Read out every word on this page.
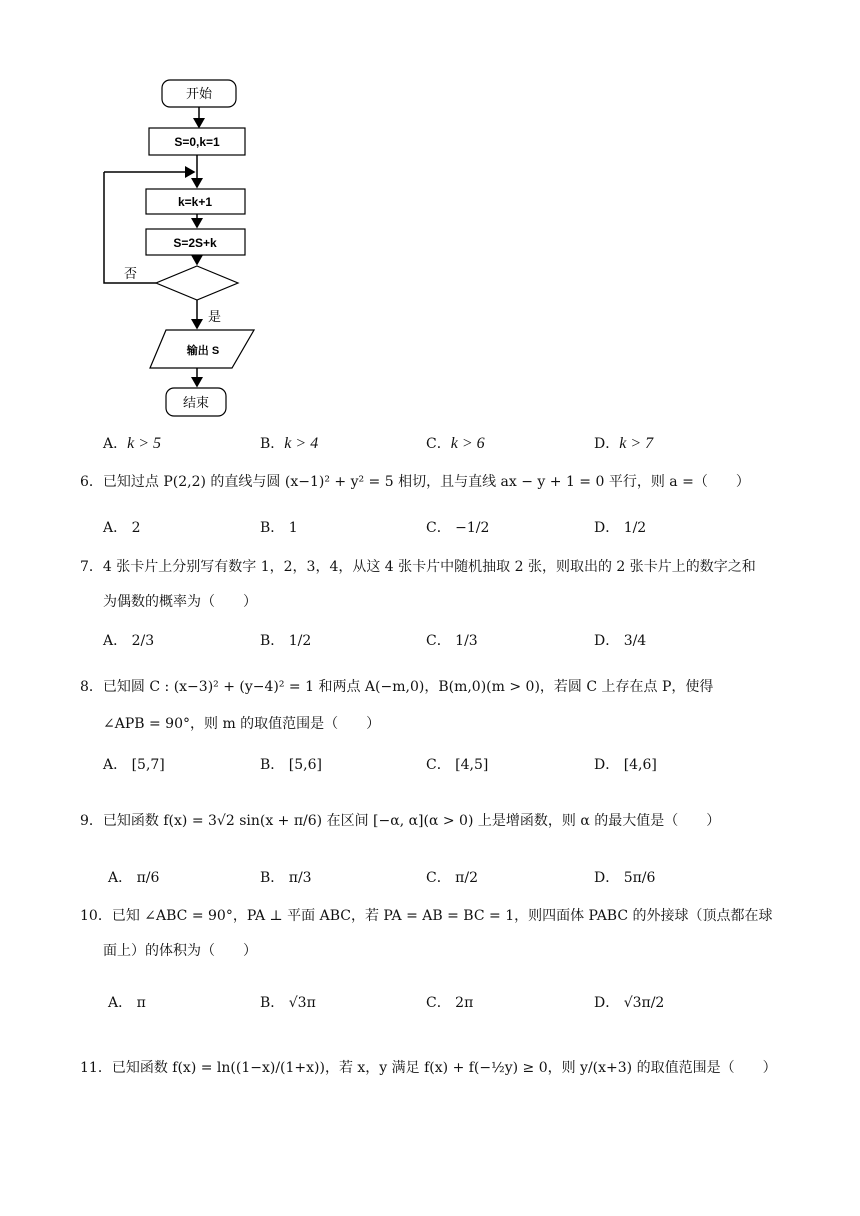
开始
S=0,k=1
k=k+1
S=2S+k
否
是
输出 S
结束
A．k > 5	B．k > 4	C．k > 6	D．k > 7
6．已知过点 P(2,2) 的直线与圆 (x−1)² + y² = 5 相切，且与直线 ax − y + 1 = 0 平行，则 a =（　　）
A． 2	B． 1	C． −1/2	D． 1/2
7．4 张卡片上分别写有数字 1，2，3，4，从这 4 张卡片中随机抽取 2 张，则取出的 2 张卡片上的数字之和
为偶数的概率为（　　）
A． 2/3	B． 1/2	C． 1/3	D． 3/4
8．已知圆 C : (x−3)² + (y−4)² = 1 和两点 A(−m,0)，B(m,0)(m > 0)，若圆 C 上存在点 P，使得
∠APB = 90°，则 m 的取值范围是（　　）
A． [5,7]	B． [5,6]	C． [4,5]	D． [4,6]
9．已知函数 f(x) = 3√2 sin(x + π/6) 在区间 [−α, α](α > 0) 上是增函数，则 α 的最大值是（　　）
A． π/6	B． π/3	C． π/2	D． 5π/6
10．已知 ∠ABC = 90°，PA ⊥ 平面 ABC，若 PA = AB = BC = 1，则四面体 PABC 的外接球（顶点都在球
面上）的体积为（　　）
A． π	B． √3π	C． 2π	D． √3π/2
11．已知函数 f(x) = ln((1−x)/(1+x))，若 x，y 满足 f(x) + f(−½y) ≥ 0，则 y/(x+3) 的取值范围是（　　）
